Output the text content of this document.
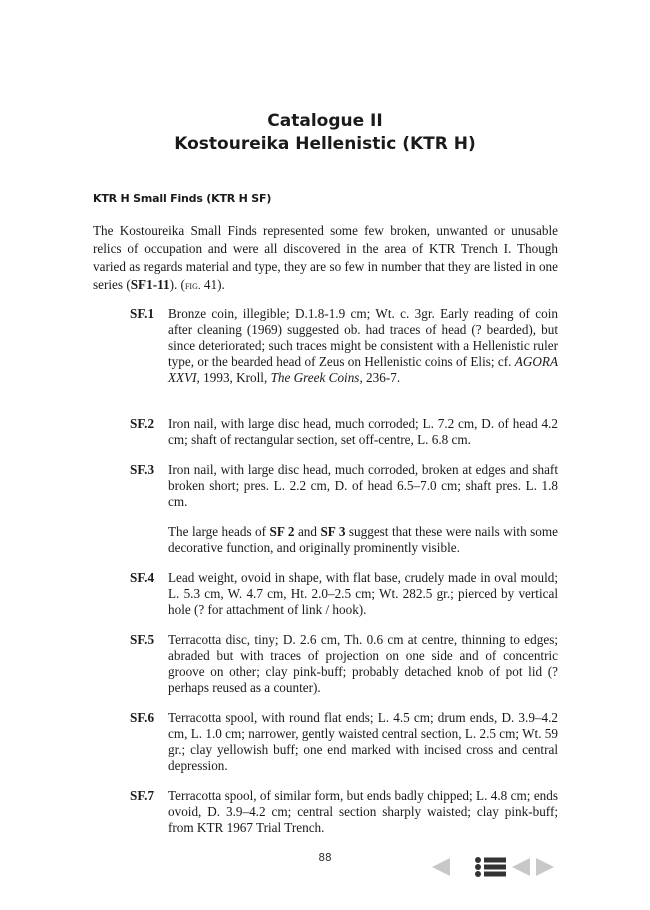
Catalogue II
Kostoureika Hellenistic (KTR H)
KTR H Small Finds (KTR H SF)

The Kostoureika Small Finds represented some few broken, unwanted or unusable relics of occupation and were all discovered in the area of KTR Trench I. Though varied as regards material and type, they are so few in number that they are listed in one series (SF1-11). (fig. 41).

SF.1	Bronze coin, illegible; D.1.8-1.9 cm; Wt. c. 3gr. Early reading of coin after cleaning (1969) suggested ob. had traces of head (? bearded), but since deteriorated; such traces might be consistent with a Hellenistic ruler type, or the bearded head of Zeus on Hellenistic coins of Elis; cf. AGORA XXVI, 1993, Kroll, The Greek Coins, 236-7.

SF.2	Iron nail, with large disc head, much corroded; L. 7.2 cm, D. of head 4.2 cm; shaft of rectangular section, set off-centre, L. 6.8 cm.

SF.3	Iron nail, with large disc head, much corroded, broken at edges and shaft broken short; pres. L. 2.2 cm, D. of head 6.5–7.0 cm; shaft pres. L. 1.8 cm.

The large heads of SF 2 and SF 3 suggest that these were nails with some decorative function, and originally prominently visible.

SF.4	Lead weight, ovoid in shape, with flat base, crudely made in oval mould; L. 5.3 cm, W. 4.7 cm, Ht. 2.0–2.5 cm; Wt. 282.5 gr.; pierced by vertical hole (? for attachment of link / hook).

SF.5	Terracotta disc, tiny; D. 2.6 cm, Th. 0.6 cm at centre, thinning to edges; abraded but with traces of projection on one side and of concentric groove on other; clay pink-buff; probably detached knob of pot lid (? perhaps reused as a counter).

SF.6	Terracotta spool, with round flat ends; L. 4.5 cm; drum ends, D. 3.9–4.2 cm, L. 1.0 cm; narrower, gently waisted central section, L. 2.5 cm; Wt. 59 gr.; clay yellowish buff; one end marked with incised cross and central depression.

SF.7	Terracotta spool, of similar form, but ends badly chipped; L. 4.8 cm; ends ovoid, D. 3.9–4.2 cm; central section sharply waisted; clay pink-buff; from KTR 1967 Trial Trench.

88
